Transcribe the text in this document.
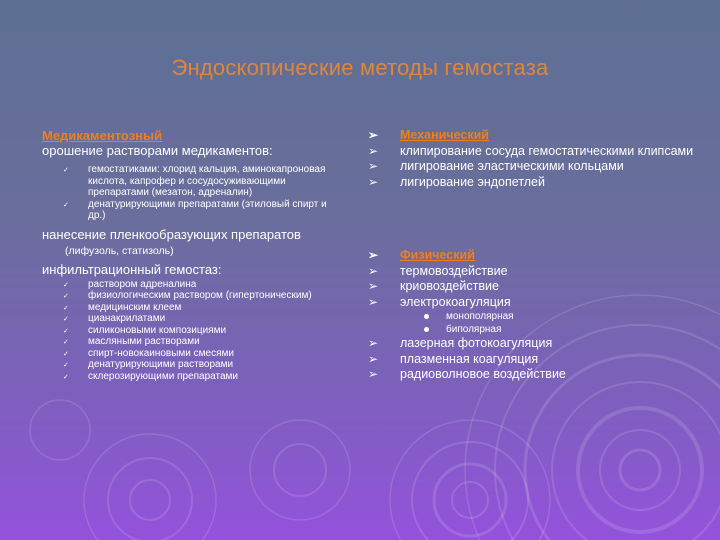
Эндоскопические методы гемостаза
Медикаментозный
орошение растворами медикаментов:
✓ гемостатиками: хлорид кальция, аминокапроновая кислота, капрофер и сосудосуживающими препаратами (мезатон, адреналин)
✓ денатурирующими препаратами (этиловый спирт и др.)
нанесение пленкообразующих препаратов
(лифузоль, статизоль)
инфильтрационный гемостаз:
✓ раствором адреналина
✓ физиологическим раствором (гипертоническим)
✓ медицинским клеем
✓ цианакрилатами
✓ силиконовыми композициями
✓ масляными растворами
✓ спирт-новокаиновыми смесями
✓ денатурирующими растворами
✓ склерозирующими препаратами
➢ Механический
➢ клипирование сосуда гемостатическими клипсами
➢ лигирование эластическими кольцами
➢ лигирование эндопетлей
➢ Физический
➢ термовоздействие
➢ криовоздействие
➢ электрокоагуляция
монополярная
биполярная
➢ лазерная фотокоагуляция
➢ плазменная коагуляция
➢ радиоволновое воздействие
